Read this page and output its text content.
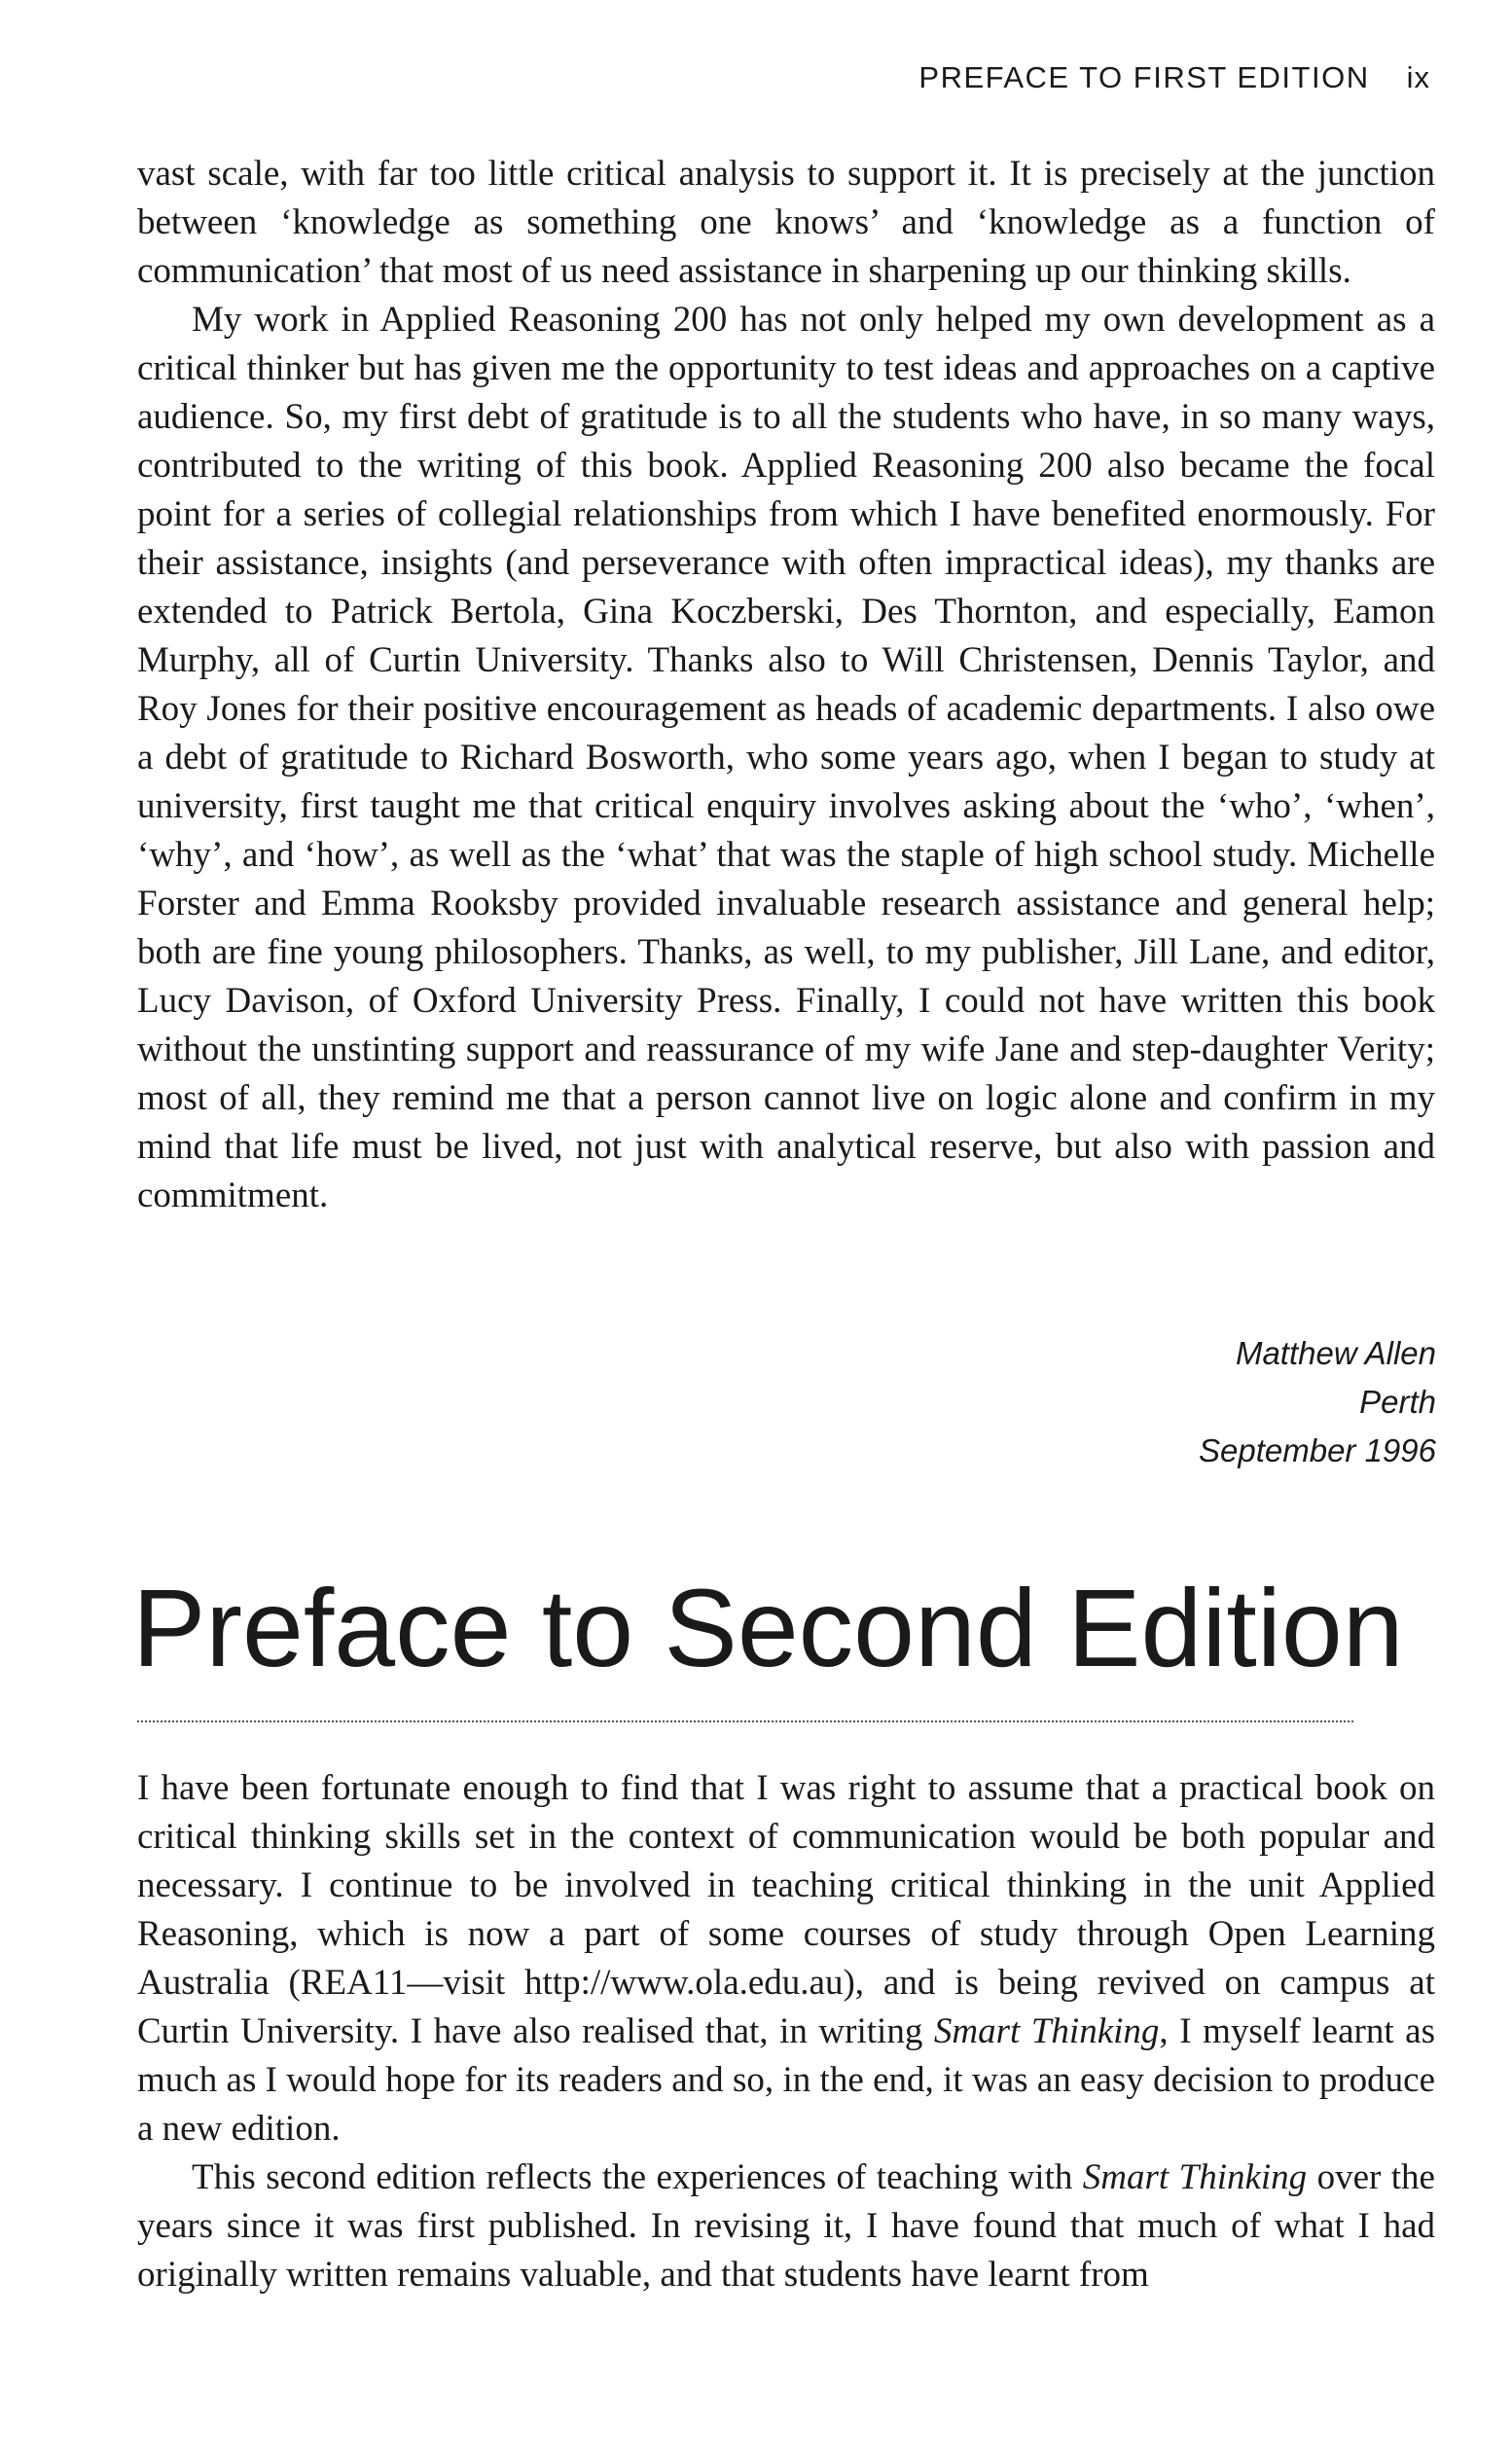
PREFACE TO FIRST EDITION ix

vast scale, with far too little critical analysis to support it. It is precisely at the junction between ‘knowledge as something one knows’ and ‘knowledge as a function of communication’ that most of us need assistance in sharpening up our thinking skills.

My work in Applied Reasoning 200 has not only helped my own development as a critical thinker but has given me the opportunity to test ideas and approaches on a captive audience. So, my first debt of gratitude is to all the students who have, in so many ways, contributed to the writing of this book. Applied Reasoning 200 also became the focal point for a series of collegial relationships from which I have benefited enormously. For their assistance, insights (and perseverance with often impractical ideas), my thanks are extended to Patrick Bertola, Gina Koczberski, Des Thornton, and especially, Eamon Murphy, all of Curtin University. Thanks also to Will Christensen, Dennis Taylor, and Roy Jones for their positive encouragement as heads of academic departments. I also owe a debt of gratitude to Richard Bosworth, who some years ago, when I began to study at university, first taught me that critical enquiry involves asking about the ‘who’, ‘when’, ‘why’, and ‘how’, as well as the ‘what’ that was the staple of high school study. Michelle Forster and Emma Rooksby provided invaluable research assistance and general help; both are fine young philosophers. Thanks, as well, to my publisher, Jill Lane, and editor, Lucy Davison, of Oxford University Press. Finally, I could not have written this book without the unstinting support and reassurance of my wife Jane and step-daughter Verity; most of all, they remind me that a person cannot live on logic alone and confirm in my mind that life must be lived, not just with analytical reserve, but also with passion and commitment.

Matthew Allen
Perth
September 1996
Preface to Second Edition

I have been fortunate enough to find that I was right to assume that a practical book on critical thinking skills set in the context of communication would be both popular and necessary. I continue to be involved in teaching critical thinking in the unit Applied Reasoning, which is now a part of some courses of study through Open Learning Australia (REA11—visit http://www.ola.edu.au), and is being revived on campus at Curtin University. I have also realised that, in writing Smart Thinking, I myself learnt as much as I would hope for its readers and so, in the end, it was an easy decision to produce a new edition.

This second edition reflects the experiences of teaching with Smart Thinking over the years since it was first published. In revising it, I have found that much of what I had originally written remains valuable, and that students have learnt from
